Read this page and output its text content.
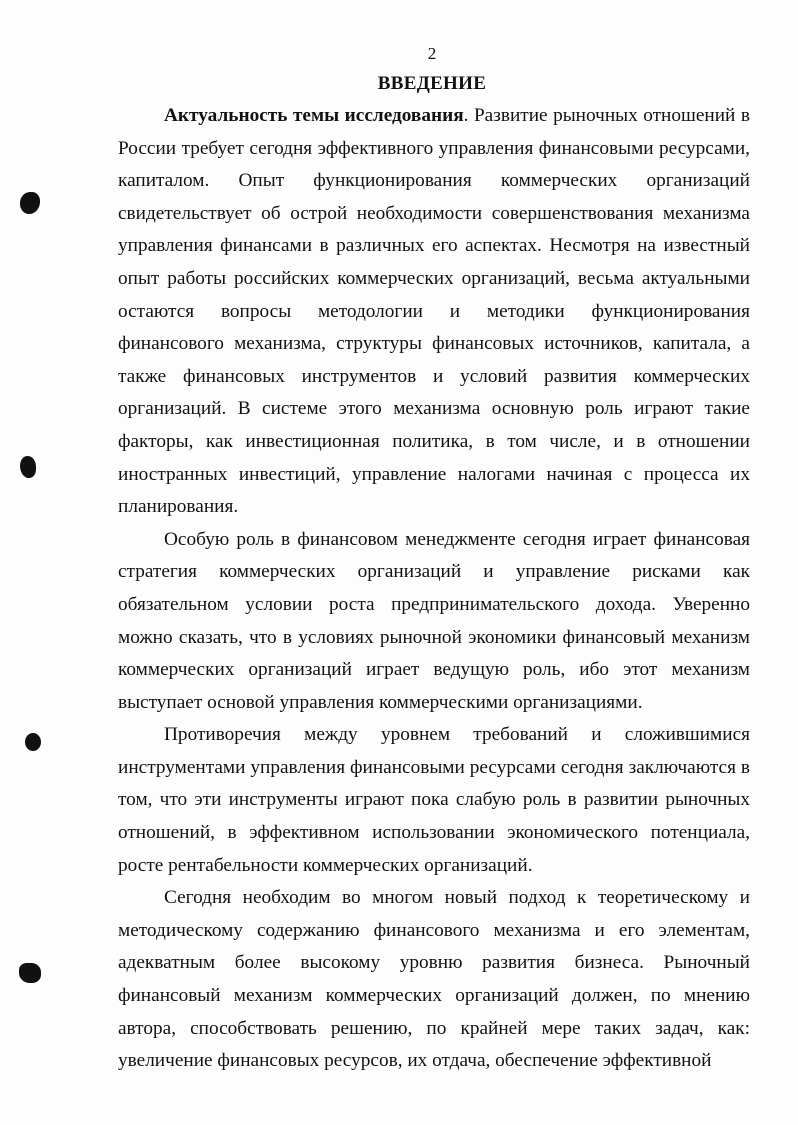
2
ВВЕДЕНИЕ

Актуальность темы исследования. Развитие рыночных отношений в России требует сегодня эффективного управления финансовыми ресурсами, капиталом. Опыт функционирования коммерческих организаций свидетельствует об острой необходимости совершенствования механизма управления финансами в различных его аспектах. Несмотря на известный опыт работы российских коммерческих организаций, весьма актуальными остаются вопросы методологии и методики функционирования финансового механизма, структуры финансовых источников, капитала, а также финансовых инструментов и условий развития коммерческих организаций. В системе этого механизма основную роль играют такие факторы, как инвестиционная политика, в том числе, и в отношении иностранных инвестиций, управление налогами начиная с процесса их планирования.

Особую роль в финансовом менеджменте сегодня играет финансовая стратегия коммерческих организаций и управление рисками как обязательном условии роста предпринимательского дохода. Уверенно можно сказать, что в условиях рыночной экономики финансовый механизм коммерческих организаций играет ведущую роль, ибо этот механизм выступает основой управления коммерческими организациями.

Противоречия между уровнем требований и сложившимися инструментами управления финансовыми ресурсами сегодня заключаются в том, что эти инструменты играют пока слабую роль в развитии рыночных отношений, в эффективном использовании экономического потенциала, росте рентабельности коммерческих организаций.

Сегодня необходим во многом новый подход к теоретическому и методическому содержанию финансового механизма и его элементам, адекватным более высокому уровню развития бизнеса. Рыночный финансовый механизм коммерческих организаций должен, по мнению автора, способствовать решению, по крайней мере таких задач, как: увеличение финансовых ресурсов, их отдача, обеспечение эффективной
